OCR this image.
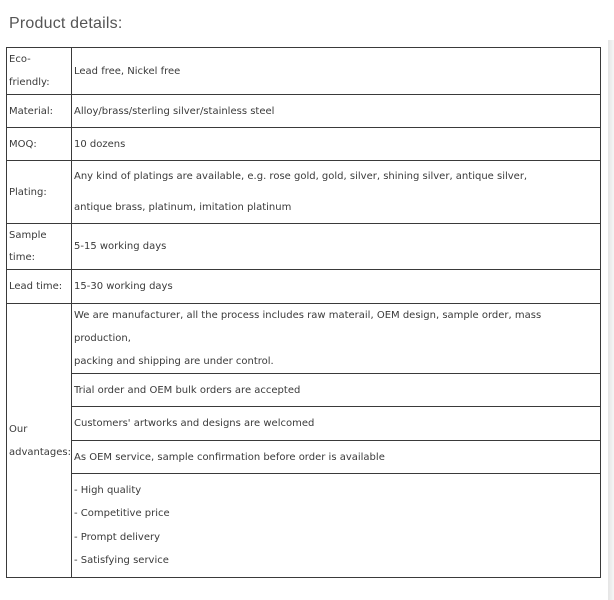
Product details:
Eco-friendly:	Lead free, Nickel free
Material:	Alloy/brass/sterling silver/stainless steel
MOQ:	10 dozens
Plating:	Any kind of platings are available, e.g. rose gold, gold, silver, shining silver, antique silver,
antique brass, platinum, imitation platinum

Sample time:	5-15 working days
Lead time:	15-30 working days
Our advantages:	We are manufacturer, all the process includes raw materail, OEM design, sample order, mass production,
packing and shipping are under control.

	Trial order and OEM bulk orders are accepted
	Customers' artworks and designs are welcomed
	As OEM service, sample confirmation before order is available

	- High quality
- Competitive price
- Prompt delivery
- Satisfying service
